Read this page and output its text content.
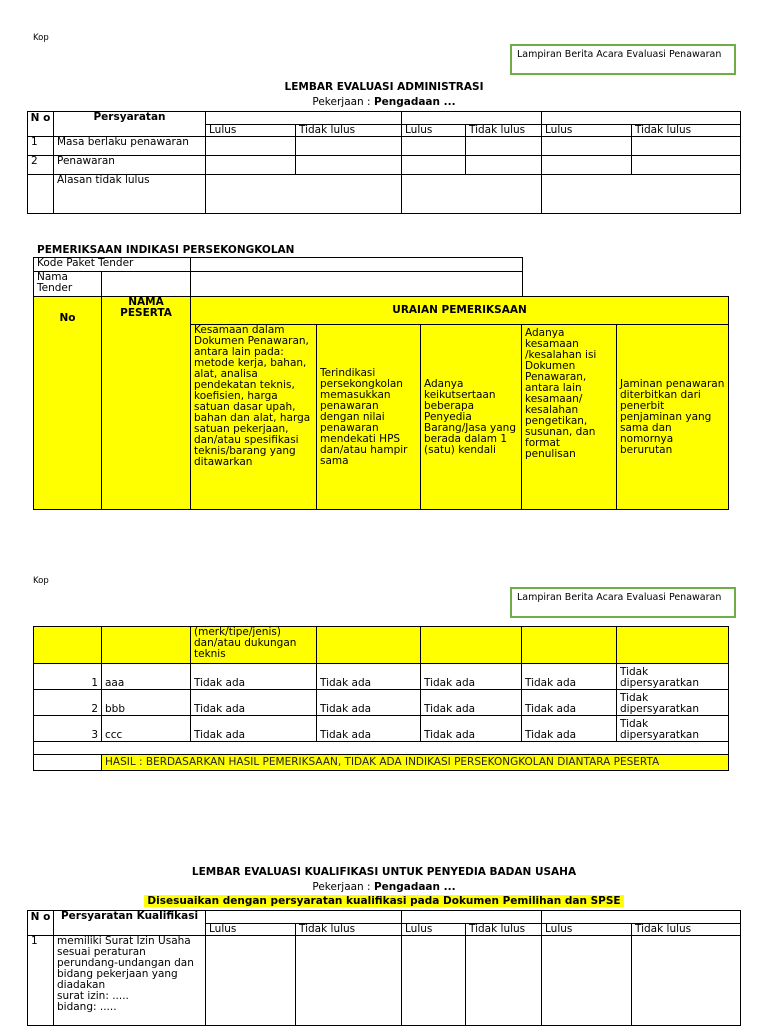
Kop
Lampiran Berita Acara Evaluasi Penawaran
LEMBAR EVALUASI ADMINISTRASI
Pekerjaan : Pengadaan ...
N o	Persyaratan						
		Lulus	Tidak lulus	Lulus	Tidak lulus	Lulus	Tidak lulus
1	Masa berlaku penawaran						
2	Penawaran						
	Alasan tidak lulus						
PEMERIKSAAN INDIKASI PERSEKONGKOLAN
Kode Paket Tender		
Nama Tender		
No	NAMA PESERTA	URAIAN PEMERIKSAAN				
		Kesamaan dalam Dokumen Penawaran, antara lain pada: metode kerja, bahan, alat, analisa pendekatan teknis, koefisien, harga satuan dasar upah, bahan dan alat, harga satuan pekerjaan, dan/atau spesifikasi teknis/barang yang ditawarkan	Terindikasi persekongkolan memasukkan penawaran dengan nilai penawaran mendekati HPS dan/atau hampir sama	Adanya keikutsertaan beberapa Penyedia Barang/Jasa yang berada dalam 1 (satu) kendali	Adanya kesamaan /kesalahan isi Dokumen Penawaran, antara lain kesamaan/ kesalahan pengetikan, susunan, dan format penulisan	Jaminan penawaran diterbitkan dari penerbit penjaminan yang sama dan nomornya berurutan
Kop
Lampiran Berita Acara Evaluasi Penawaran
		(merk/tipe/jenis) dan/atau dukungan teknis				
1	aaa	Tidak ada	Tidak ada	Tidak ada	Tidak ada	Tidak dipersyaratkan
2	bbb	Tidak ada	Tidak ada	Tidak ada	Tidak ada	Tidak dipersyaratkan
3	ccc	Tidak ada	Tidak ada	Tidak ada	Tidak ada	Tidak dipersyaratkan

	HASIL : BERDASARKAN HASIL PEMERIKSAAN, TIDAK ADA INDIKASI PERSEKONGKOLAN DIANTARA PESERTA					
LEMBAR EVALUASI KUALIFIKASI UNTUK PENYEDIA BADAN USAHA
Pekerjaan : Pengadaan ...
Disesuaikan dengan persyaratan kualifikasi pada Dokumen Pemilihan dan SPSE
N o	Persyaratan Kualifikasi						
		Lulus	Tidak lulus	Lulus	Tidak lulus	Lulus	Tidak lulus
1	memiliki Surat Izin Usaha sesuai peraturan perundang-undangan dan bidang pekerjaan yang diadakan
surat izin: .....
bidang: .....						
